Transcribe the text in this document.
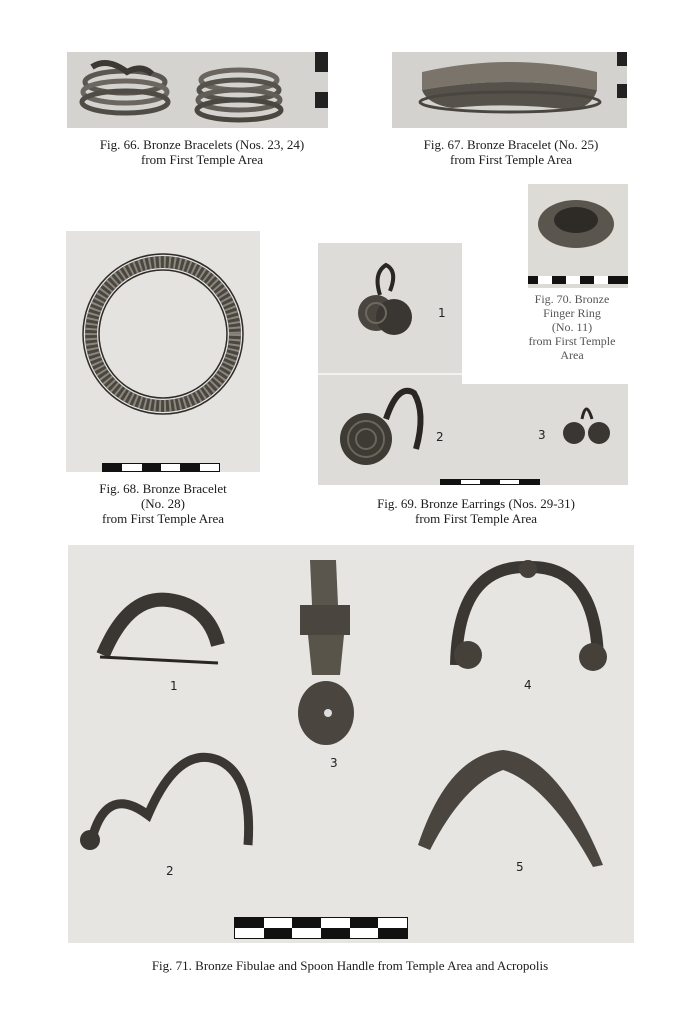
Fig. 66. Bronze Bracelets (Nos. 23, 24)
from First Temple Area
Fig. 67. Bronze Bracelet (No. 25)
from First Temple Area
Fig. 68. Bronze Bracelet
(No. 28)
from First Temple Area
1
2	3
Fig. 70. Bronze
Finger Ring
(No. 11)
from First Temple
Area
Fig. 69. Bronze Earrings (Nos. 29-31)
from First Temple Area
1
3
4
2	5
Fig. 71. Bronze Fibulae and Spoon Handle from Temple Area and Acropolis
